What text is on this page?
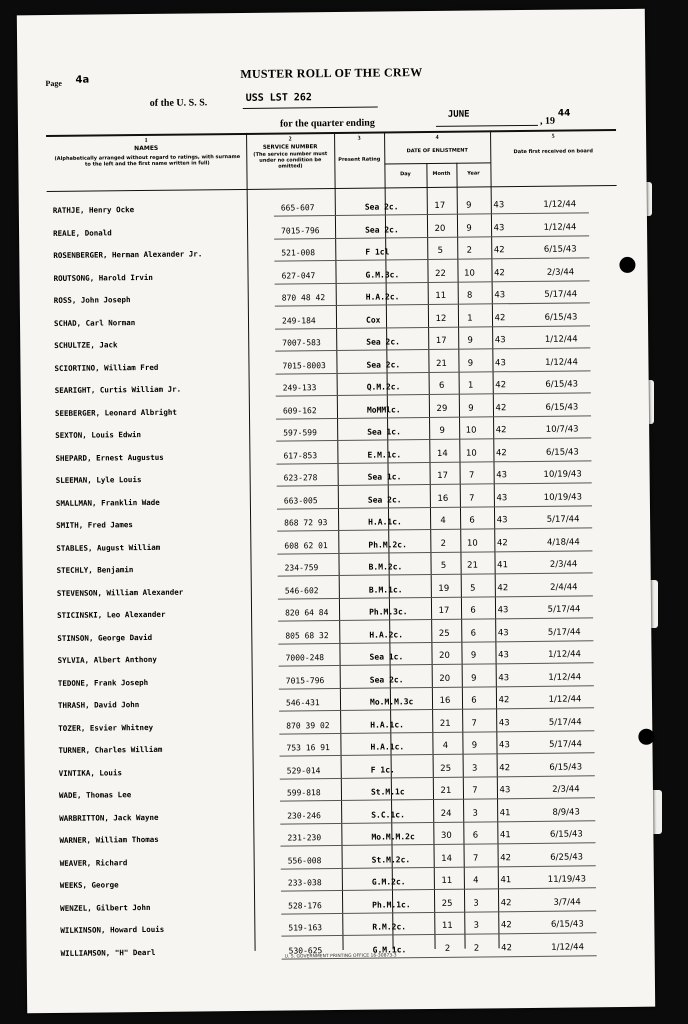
Page 4a	MUSTER ROLL OF THE CREW
of the U. S. S.	USS LST 262
for the quarter ending
JUNE
, 19
44
1
NAMES
(Alphabetically arranged without regard to ratings, with surname to the left and the first name written in full)
2
SERVICE NUMBER
(The service number must under no condition be omitted)
3
Present Rating
4
DATE OF ENLISTMENT
Day	Month	Year
5
Date first received on board
RATHJE, Henry Ocke	665-607	Sea 2c.	17	9	43	1/12/44
REALE, Donald	7015-796	Sea 2c.	20	9	43	1/12/44
ROSENBERGER, Herman Alexander Jr.	521-008	F 1cl	5	2	42	6/15/43
ROUTSONG, Harold Irvin	627-047	G.M.3c.	22	10	42	2/3/44
ROSS, John Joseph	870 48 42	H.A.2c.	11	8	43	5/17/44
SCHAD, Carl Norman	249-184	Cox	12	1	42	6/15/43
SCHULTZE, Jack	7007-583	Sea 2c.	17	9	43	1/12/44
SCIORTINO, William Fred	7015-8003	Sea 2c.	21	9	43	1/12/44
SEARIGHT, Curtis William Jr.	249-133	Q.M.2c.	6	1	42	6/15/43
SEEBERGER, Leonard Albright	609-162	MoMMlc.	29	9	42	6/15/43
SEXTON, Louis Edwin	597-599	Sea 1c.	9	10	42	10/7/43
SHEPARD, Ernest Augustus	617-853	E.M.1c.	14	10	42	6/15/43
SLEEMAN, Lyle Louis	623-278	Sea 1c.	17	7	43	10/19/43
SMALLMAN, Franklin Wade	663-005	Sea 2c.	16	7	43	10/19/43
SMITH, Fred James	868 72 93	H.A.1c.	4	6	43	5/17/44
STABLES, August William	608 62 01	Ph.M.2c.	2	10	42	4/18/44
STECHLY, Benjamin	234-759	B.M.2c.	5	21	41	2/3/44
STEVENSON, William Alexander	546-602	B.M.1c.	19	5	42	2/4/44
STICINSKI, Leo Alexander	820 64 84	Ph.M.3c.	17	6	43	5/17/44
STINSON, George David	805 68 32	H.A.2c.	25	6	43	5/17/44
SYLVIA, Albert Anthony	7000-248	Sea 1c.	20	9	43	1/12/44
TEDONE, Frank Joseph	7015-796	Sea 2c.	20	9	43	1/12/44
THRASH, David John	546-431	Mo.M.M.3c	16	6	42	1/12/44
TOZER, Esvier Whitney	870 39 02	H.A.1c.	21	7	43	5/17/44
TURNER, Charles William	753 16 91	H.A.1c.	4	9	43	5/17/44
VINTIKA, Louis	529-014	F 1c.	25	3	42	6/15/43
WADE, Thomas Lee	599-818	St.M.1c	21	7	43	2/3/44
WARBRITTON, Jack Wayne	230-246	S.C.1c.	24	3	41	8/9/43
WARNER, William Thomas	231-230	Mo.M.M.2c	30	6	41	6/15/43
WEAVER, Richard	556-008	St.M.2c.	14	7	42	6/25/43
WEEKS, George	233-038	G.M.2c.	11	4	41	11/19/43
WENZEL, Gilbert John	528-176	Ph.M.1c.	25	3	42	3/7/44
WILKINSON, Howard Louis	519-163	R.M.2c.	11	3	42	6/15/43
WILLIAMSON, "H" Dearl	530-625	G.M.1c.	2	2	42	1/12/44
U. S. GOVERNMENT PRINTING OFFICE 16-30873-3
